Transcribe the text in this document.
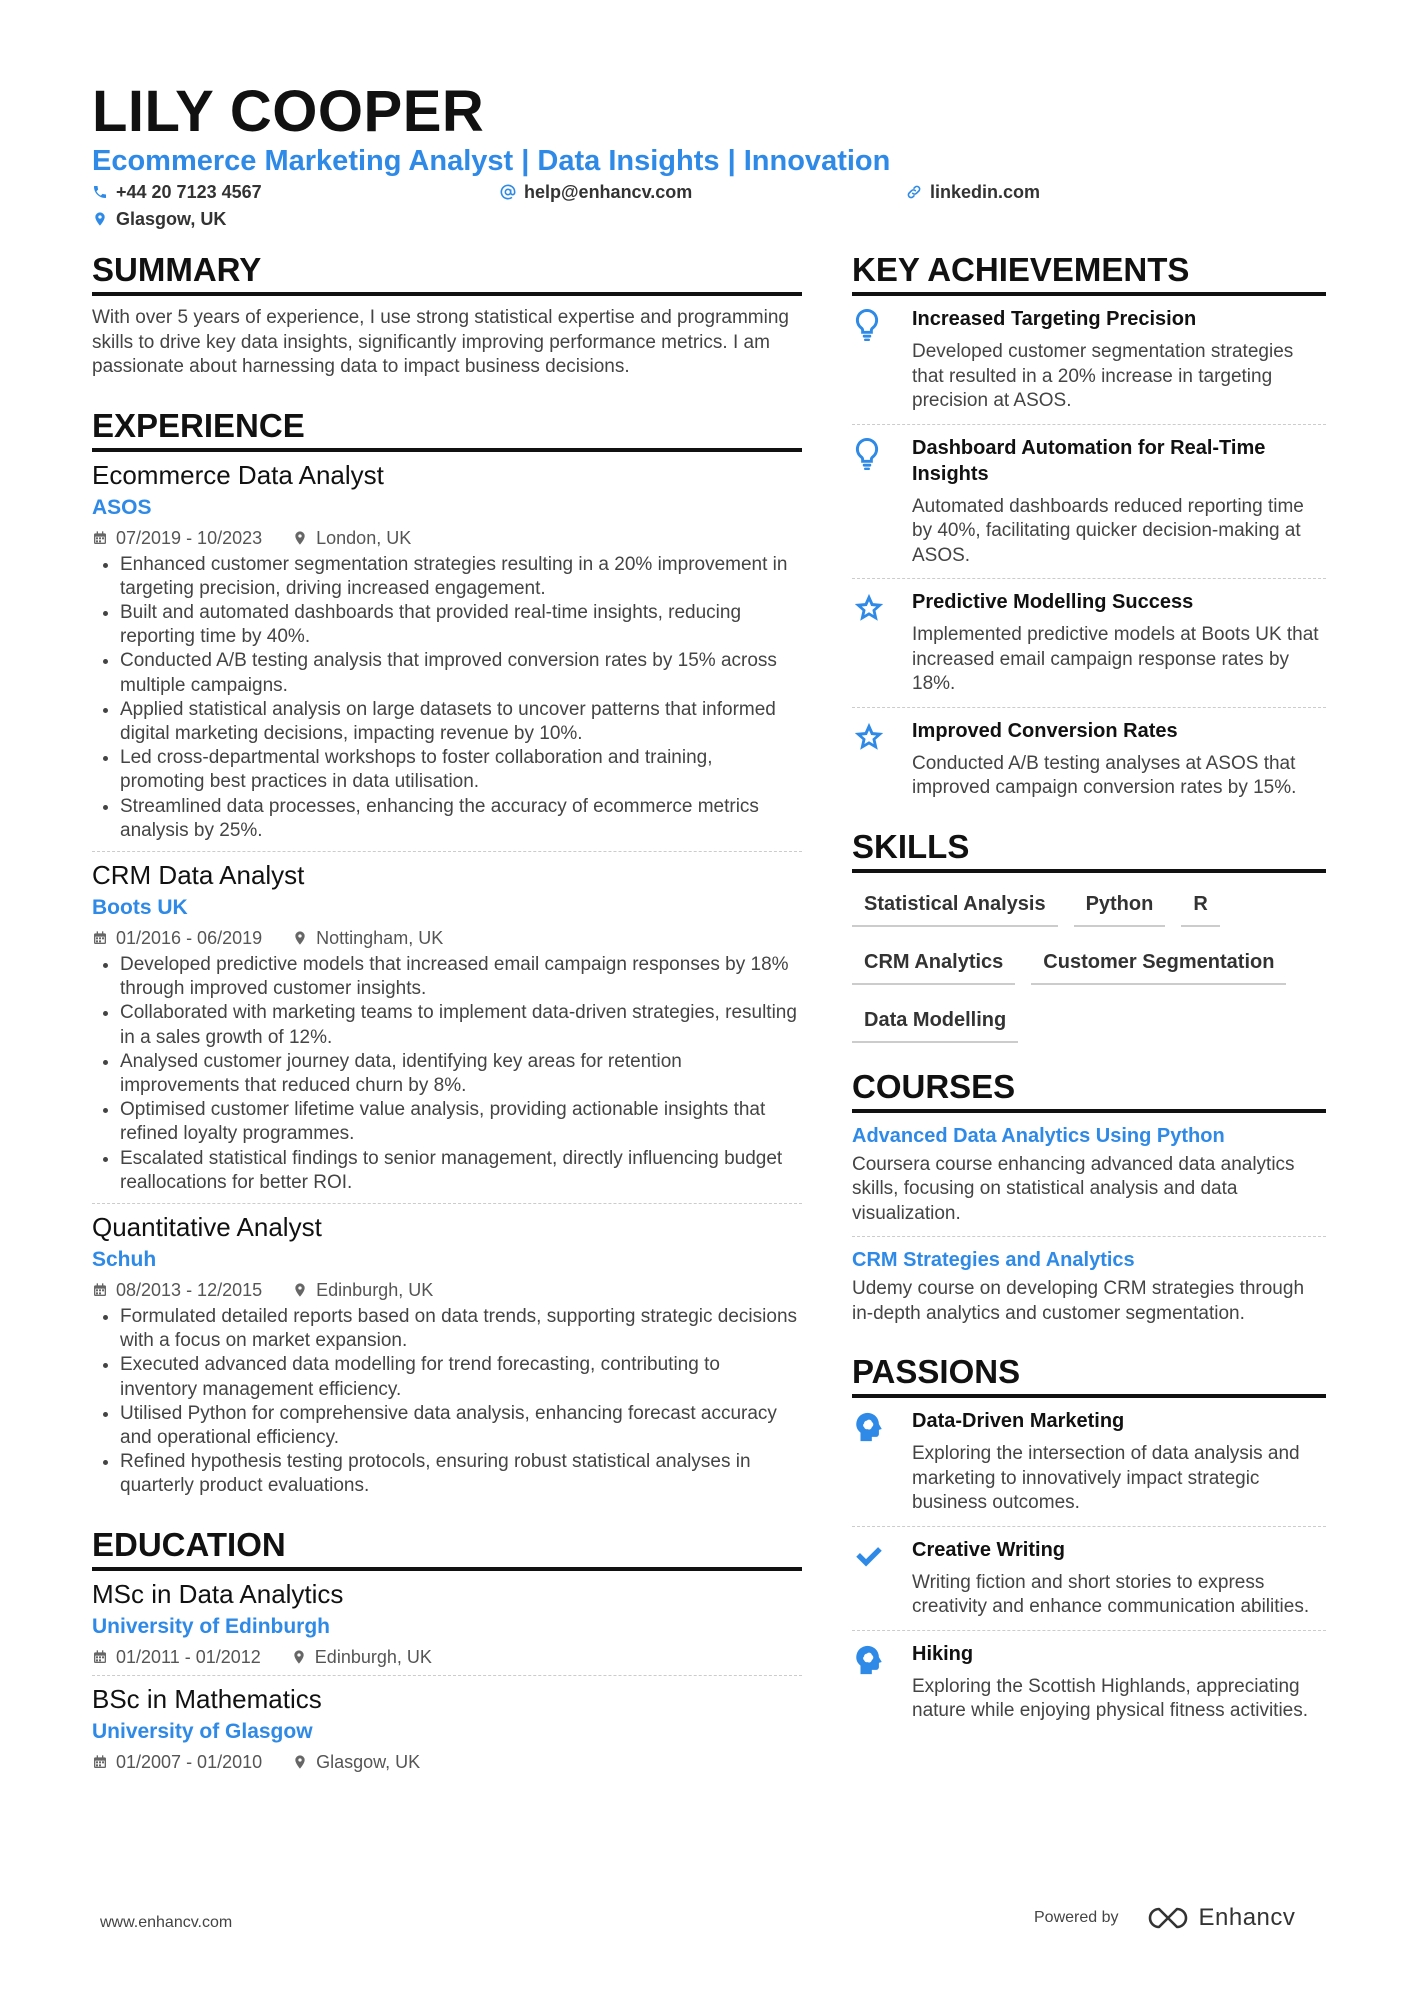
LILY COOPER
Ecommerce Marketing Analyst | Data Insights | Innovation
+44 20 7123 4567	help@enhancv.com	linkedin.com
Glasgow, UK
SUMMARY

With over 5 years of experience, I use strong statistical expertise and programming skills to drive key data insights, significantly improving performance metrics. I am passionate about harnessing data to impact business decisions.

EXPERIENCE
Ecommerce Data Analyst
ASOS
07/2019 - 10/2023	London, UK
• Enhanced customer segmentation strategies resulting in a 20% improvement in targeting precision, driving increased engagement.
• Built and automated dashboards that provided real-time insights, reducing reporting time by 40%.
• Conducted A/B testing analysis that improved conversion rates by 15% across multiple campaigns.
• Applied statistical analysis on large datasets to uncover patterns that informed digital marketing decisions, impacting revenue by 10%.
• Led cross-departmental workshops to foster collaboration and training, promoting best practices in data utilisation.
• Streamlined data processes, enhancing the accuracy of ecommerce metrics analysis by 25%.
CRM Data Analyst
Boots UK
01/2016 - 06/2019	Nottingham, UK
• Developed predictive models that increased email campaign responses by 18% through improved customer insights.
• Collaborated with marketing teams to implement data-driven strategies, resulting in a sales growth of 12%.
• Analysed customer journey data, identifying key areas for retention improvements that reduced churn by 8%.
• Optimised customer lifetime value analysis, providing actionable insights that refined loyalty programmes.
• Escalated statistical findings to senior management, directly influencing budget reallocations for better ROI.
Quantitative Analyst
Schuh
08/2013 - 12/2015	Edinburgh, UK
• Formulated detailed reports based on data trends, supporting strategic decisions with a focus on market expansion.
• Executed advanced data modelling for trend forecasting, contributing to inventory management efficiency.
• Utilised Python for comprehensive data analysis, enhancing forecast accuracy and operational efficiency.
• Refined hypothesis testing protocols, ensuring robust statistical analyses in quarterly product evaluations.
EDUCATION
MSc in Data Analytics
University of Edinburgh
01/2011 - 01/2012	Edinburgh, UK
BSc in Mathematics
University of Glasgow
01/2007 - 01/2010	Glasgow, UK
KEY ACHIEVEMENTS
Increased Targeting Precision
Developed customer segmentation strategies that resulted in a 20% increase in targeting precision at ASOS.
Dashboard Automation for Real-Time Insights
Automated dashboards reduced reporting time by 40%, facilitating quicker decision-making at ASOS.
Predictive Modelling Success
Implemented predictive models at Boots UK that increased email campaign response rates by 18%.
Improved Conversion Rates
Conducted A/B testing analyses at ASOS that improved campaign conversion rates by 15%.
SKILLS
Statistical Analysis	Python	R
CRM Analytics	Customer Segmentation
Data Modelling
COURSES
Advanced Data Analytics Using Python
Coursera course enhancing advanced data analytics skills, focusing on statistical analysis and data visualization.
CRM Strategies and Analytics
Udemy course on developing CRM strategies through in-depth analytics and customer segmentation.
PASSIONS
Data-Driven Marketing
Exploring the intersection of data analysis and marketing to innovatively impact strategic business outcomes.
Creative Writing
Writing fiction and short stories to express creativity and enhance communication abilities.
Hiking
Exploring the Scottish Highlands, appreciating nature while enjoying physical fitness activities.
www.enhancv.com	Powered by	Enhancv
